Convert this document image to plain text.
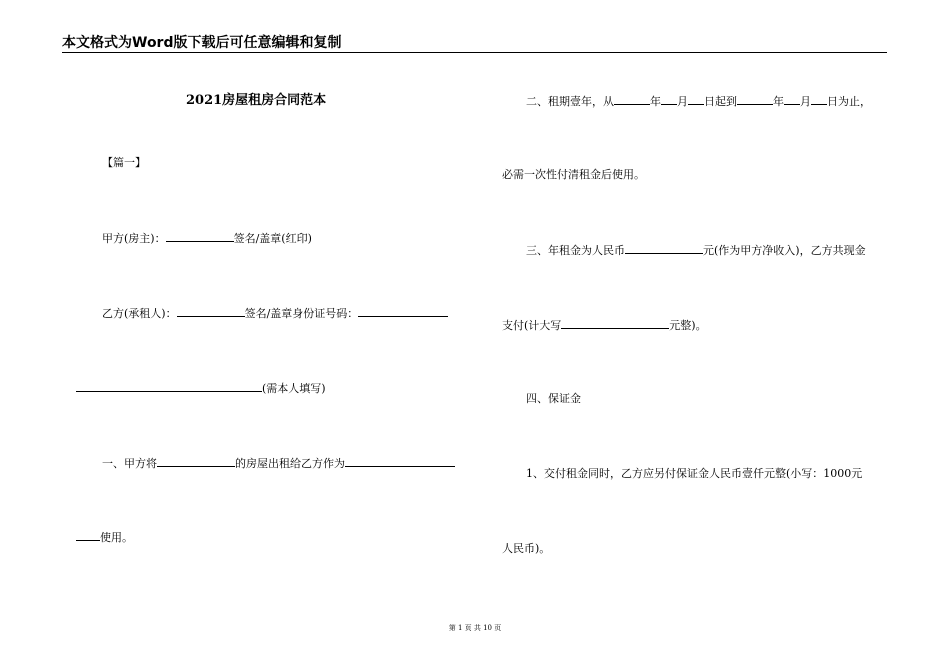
本文格式为Word版下载后可任意编辑和复制
2021房屋租房合同范本
【篇一】
甲方(房主)：	签名/盖章(红印)
乙方(承租人)：	签名/盖章身份证号码：
(需本人填写)
一、甲方将	的房屋出租给乙方作为
使用。
二、租期壹年，从	年 月 日起到	年 月 日为止，
必需一次性付清租金后使用。
三、年租金为人民币	元(作为甲方净收入)，乙方共现金
支付(计大写	元整)。
四、保证金
1、交付租金同时，乙方应另付保证金人民币壹仟元整(小写：1000元
人民币)。
第 1 页 共 10 页
